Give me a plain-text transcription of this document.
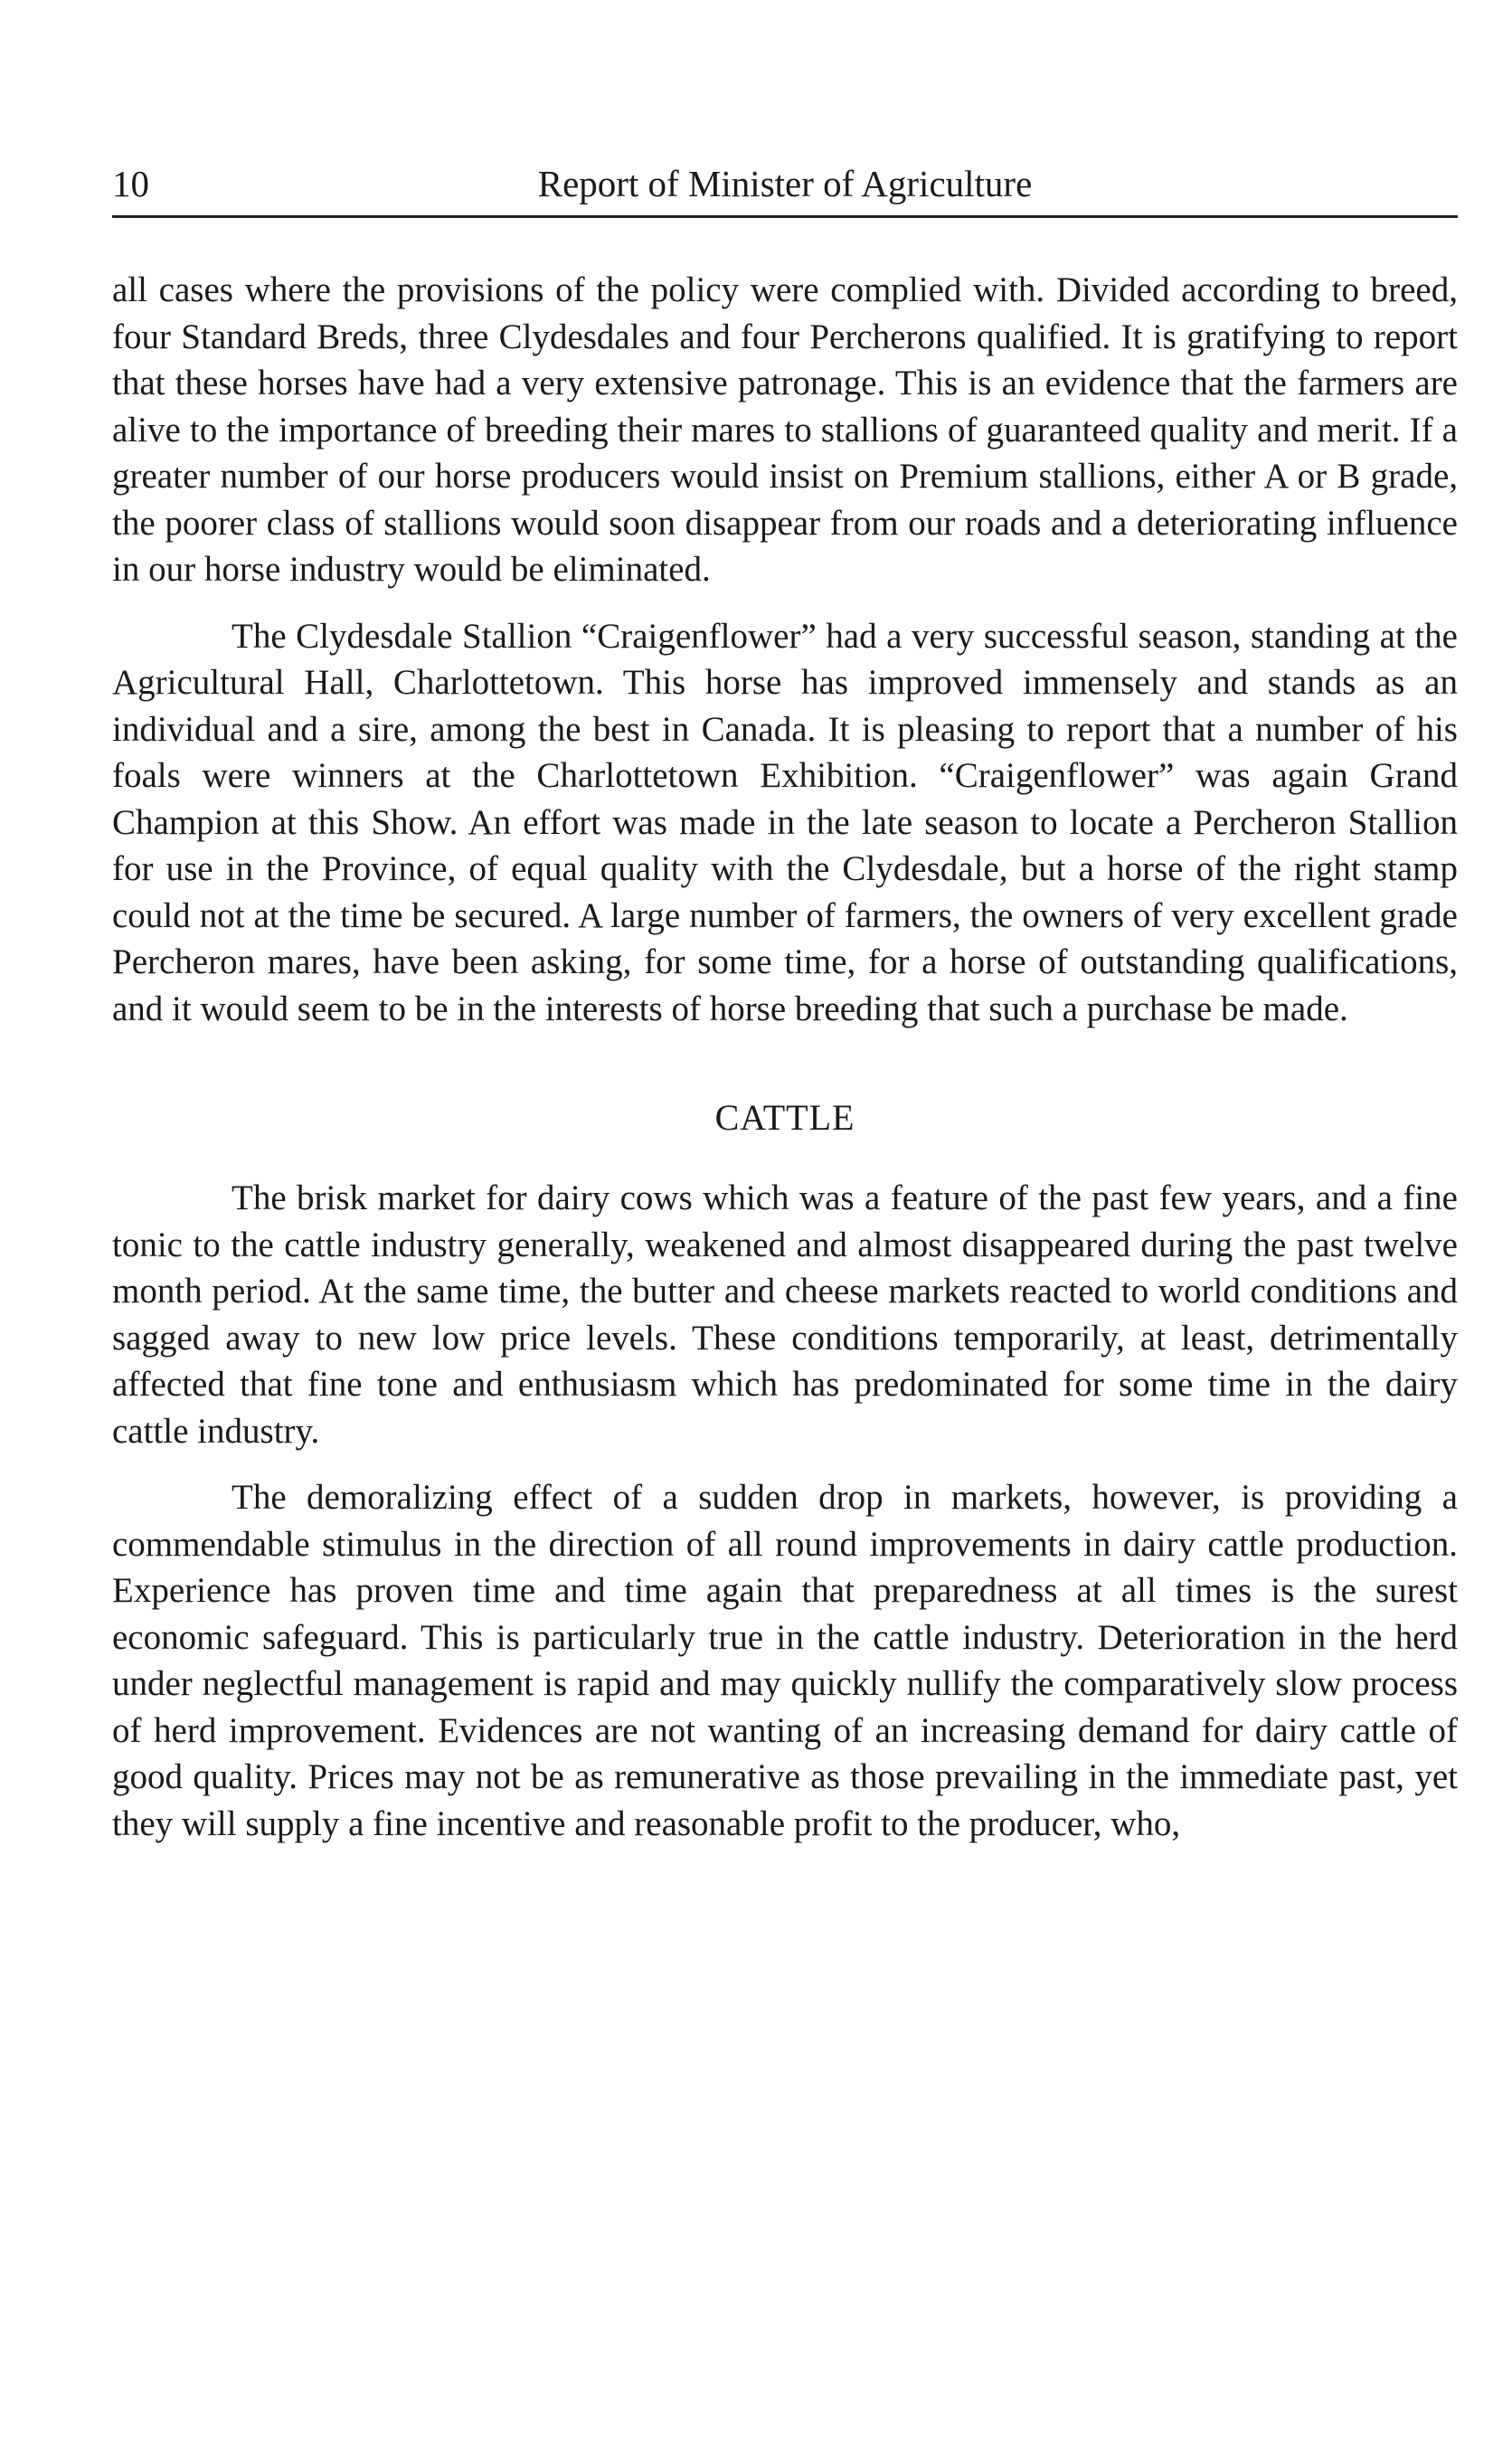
10	Report of Minister of Agriculture

all cases where the provisions of the policy were complied with. Divided according to breed, four Standard Breds, three Clydesdales and four Percherons qualified. It is gratifying to report that these horses have had a very extensive patronage. This is an evidence that the farmers are alive to the importance of breeding their mares to stallions of guaranteed quality and merit. If a greater number of our horse producers would insist on Premium stallions, either A or B grade, the poorer class of stallions would soon disappear from our roads and a deteriorating influence in our horse industry would be eliminated.

The Clydesdale Stallion “Craigenflower” had a very successful season, standing at the Agricultural Hall, Charlottetown. This horse has improved immensely and stands as an individual and a sire, among the best in Canada. It is pleasing to report that a number of his foals were winners at the Charlottetown Exhibition. “Craigenflower” was again Grand Champion at this Show. An effort was made in the late season to locate a Percheron Stallion for use in the Province, of equal quality with the Clydesdale, but a horse of the right stamp could not at the time be secured. A large number of farmers, the owners of very excellent grade Percheron mares, have been asking, for some time, for a horse of outstanding qualifications, and it would seem to be in the interests of horse breeding that such a purchase be made.

CATTLE

The brisk market for dairy cows which was a feature of the past few years, and a fine tonic to the cattle industry generally, weakened and almost disappeared during the past twelve month period. At the same time, the butter and cheese markets reacted to world conditions and sagged away to new low price levels. These conditions temporarily, at least, detrimentally affected that fine tone and enthusiasm which has predominated for some time in the dairy cattle industry.

The demoralizing effect of a sudden drop in markets, however, is providing a commendable stimulus in the direction of all round improvements in dairy cattle production. Experience has proven time and time again that preparedness at all times is the surest economic safeguard. This is particularly true in the cattle industry. Deterioration in the herd under neglectful management is rapid and may quickly nullify the comparatively slow process of herd improvement. Evidences are not wanting of an increasing demand for dairy cattle of good quality. Prices may not be as remunerative as those prevailing in the immediate past, yet they will supply a fine incentive and reasonable profit to the producer, who,
